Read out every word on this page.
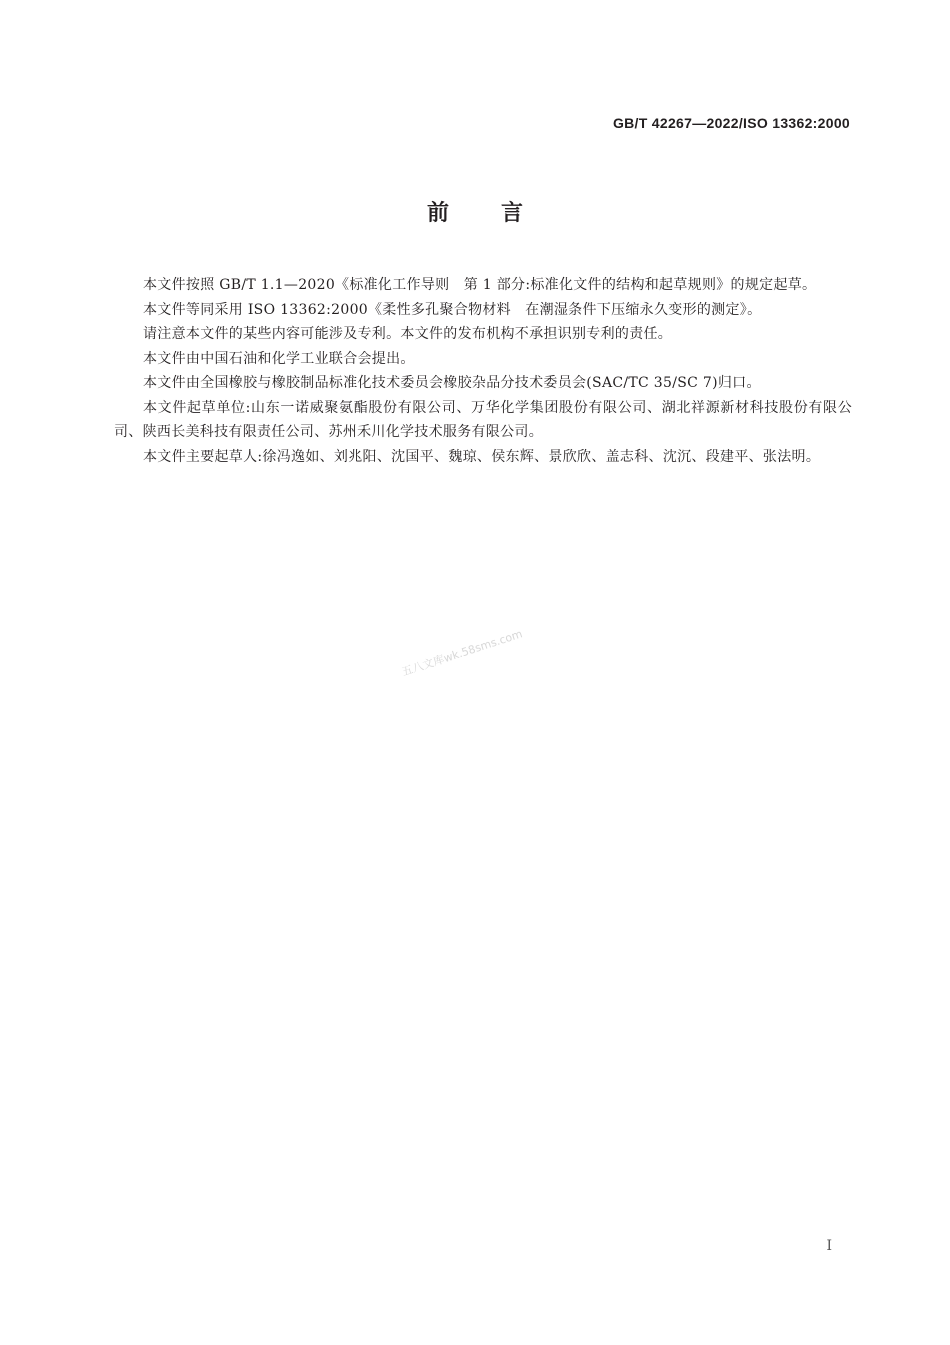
GB/T 42267—2022/ISO 13362:2000
前言

本文件按照 GB/T 1.1—2020《标准化工作导则　第 1 部分:标准化文件的结构和起草规则》的规定起草。

本文件等同采用 ISO 13362:2000《柔性多孔聚合物材料　在潮湿条件下压缩永久变形的测定》。

请注意本文件的某些内容可能涉及专利。本文件的发布机构不承担识别专利的责任。

本文件由中国石油和化学工业联合会提出。

本文件由全国橡胶与橡胶制品标准化技术委员会橡胶杂品分技术委员会(SAC/TC 35/SC 7)归口。

本文件起草单位:山东一诺威聚氨酯股份有限公司、万华化学集团股份有限公司、湖北祥源新材科技股份有限公司、陕西长美科技有限责任公司、苏州禾川化学技术服务有限公司。

本文件主要起草人:徐冯逸如、刘兆阳、沈国平、魏琼、侯东辉、景欣欣、盖志科、沈沉、段建平、张法明。

五八文库wk.58sms.com
I
